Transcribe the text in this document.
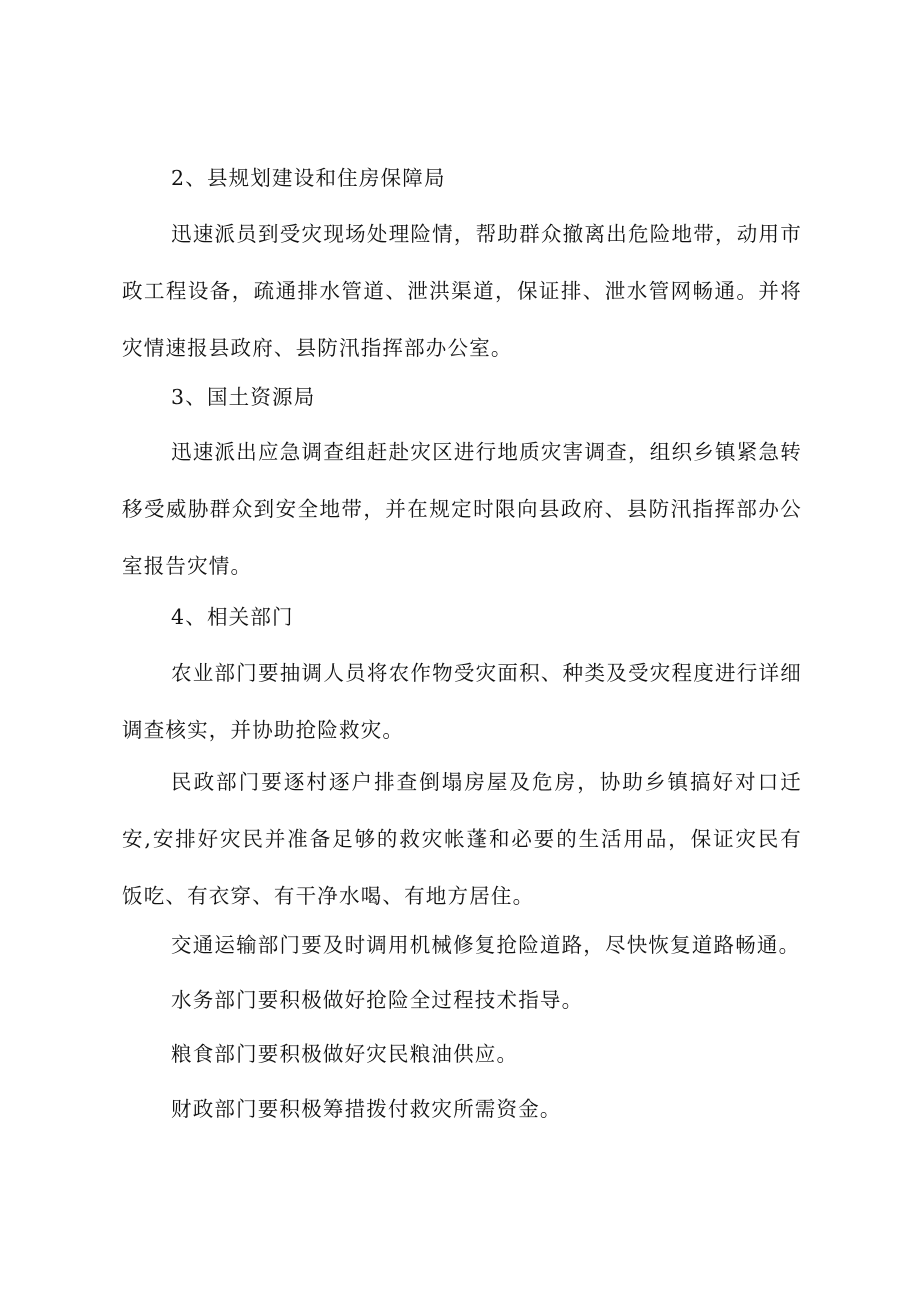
2、县规划建设和住房保障局

迅速派员到受灾现场处理险情，帮助群众撤离出危险地带，动用市政工程设备，疏通排水管道、泄洪渠道，保证排、泄水管网畅通。并将灾情速报县政府、县防汛指挥部办公室。

3、国土资源局

迅速派出应急调查组赶赴灾区进行地质灾害调查，组织乡镇紧急转移受威胁群众到安全地带，并在规定时限向县政府、县防汛指挥部办公室报告灾情。

4、相关部门

农业部门要抽调人员将农作物受灾面积、种类及受灾程度进行详细调查核实，并协助抢险救灾。

民政部门要逐村逐户排查倒塌房屋及危房，协助乡镇搞好对口迁安,安排好灾民并准备足够的救灾帐蓬和必要的生活用品，保证灾民有饭吃、有衣穿、有干净水喝、有地方居住。

交通运输部门要及时调用机械修复抢险道路，尽快恢复道路畅通。

水务部门要积极做好抢险全过程技术指导。

粮食部门要积极做好灾民粮油供应。

财政部门要积极筹措拨付救灾所需资金。
